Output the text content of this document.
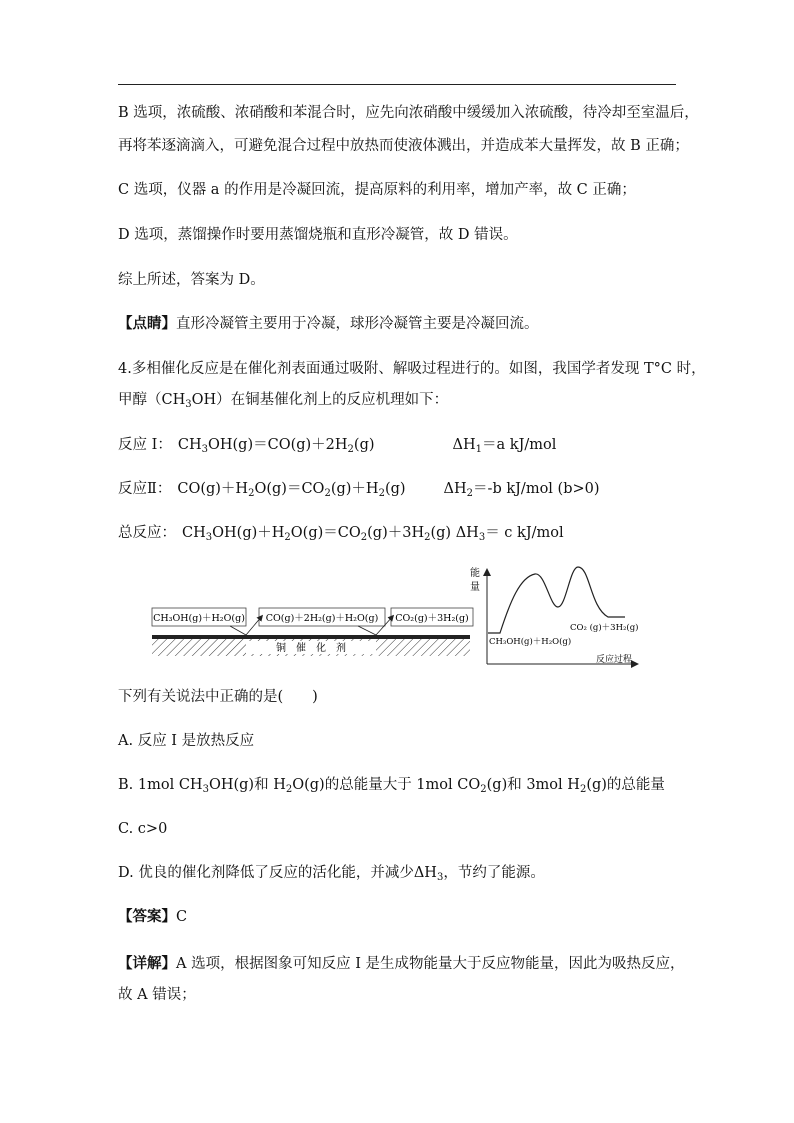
B 选项，浓硫酸、浓硝酸和苯混合时，应先向浓硝酸中缓缓加入浓硫酸，待冷却至室温后，
再将苯逐滴滴入，可避免混合过程中放热而使液体溅出，并造成苯大量挥发，故 B 正确；
C 选项，仪器 a 的作用是冷凝回流，提高原料的利用率，增加产率，故 C 正确；
D 选项，蒸馏操作时要用蒸馏烧瓶和直形冷凝管，故 D 错误。
综上所述，答案为 D。
【点睛】直形冷凝管主要用于冷凝，球形冷凝管主要是冷凝回流。
4.多相催化反应是在催化剂表面通过吸附、解吸过程进行的。如图，我国学者发现 T°C 时，
甲醇$(CH_3OH)$在铜基催化剂上的反应机理如下：
反应 I： $CH_3OH(g)=CO(g)+2H_2(g)$	$\Delta H_1=a$ kJ/mol
反应Ⅱ： $CO(g)+H_2O(g)=CO_2(g)+H_2(g)$	$\Delta H_2=-b$ kJ/mol (b>0)
总反应： $CH_3OH(g)+H_2O(g)=CO_2(g)+3H_2(g)$ $\Delta H_3= c$ kJ/mol
铜　催　化　剂
CH₃OH(g)＋H₂O(g) CO(g)＋2H₂(g)＋H₂O(g) CO₂(g)＋3H₂(g)
能
量
反应过程
CH₃OH(g)＋H₂O(g)
CO₂ (g)＋3H₂(g)
下列有关说法中正确的是(　　)
A. 反应 I 是放热反应
B. 1mol $CH_3OH(g)$和 $H_2O(g)$的总能量大于 1mol $CO_2(g)$和 3mol $H_2(g)$的总能量
C. c>0
D. 优良的催化剂降低了反应的活化能，并减少$\Delta H_3$，节约了能源。
【答案】C
【详解】A 选项，根据图象可知反应 I 是生成物能量大于反应物能量，因此为吸热反应，
故 A 错误；
